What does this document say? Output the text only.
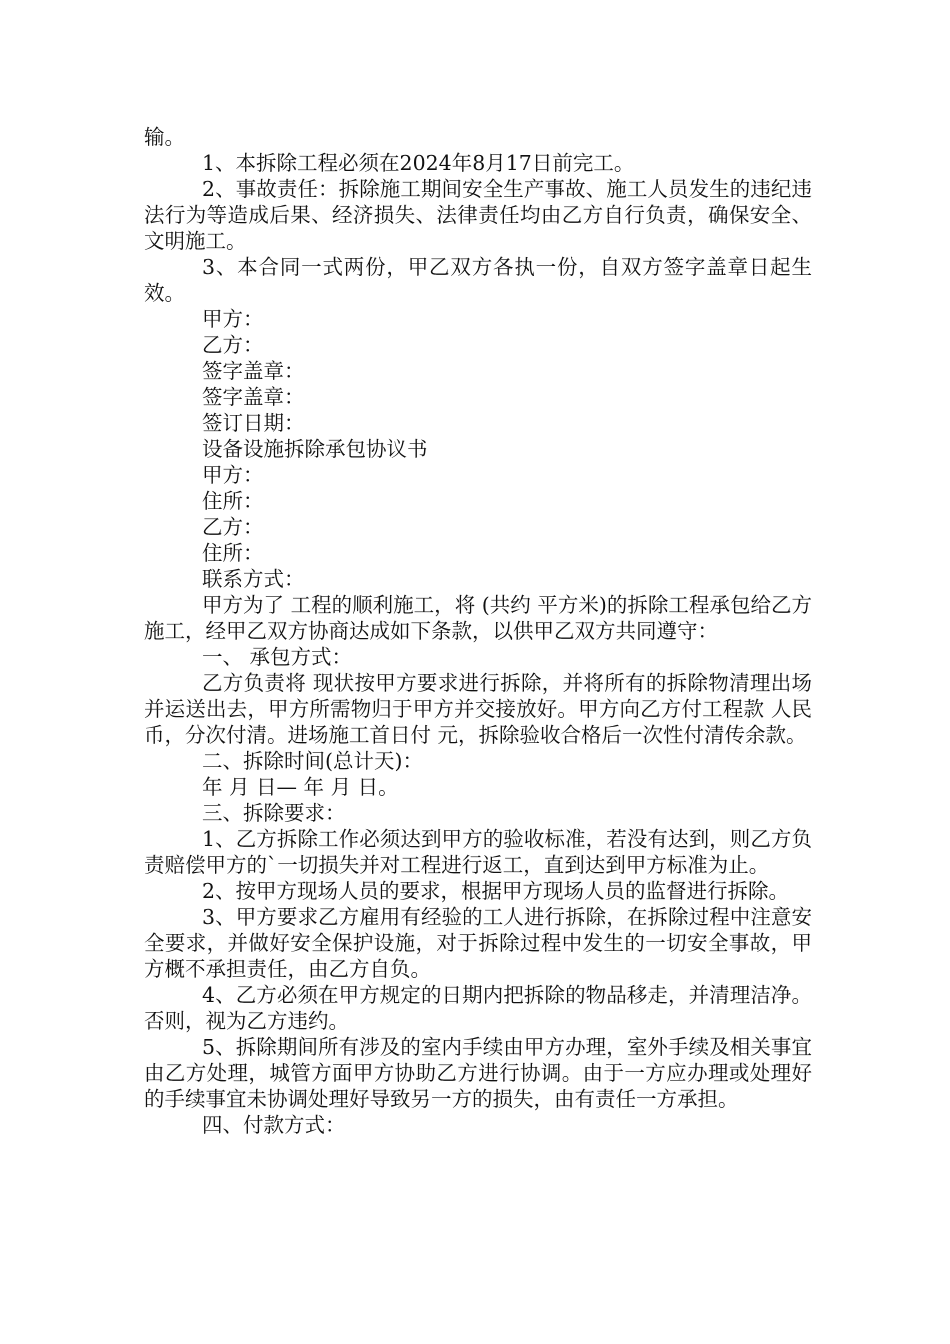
输。

1、本拆除工程必须在2024年8月17日前完工。

2、事故责任：拆除施工期间安全生产事故、施工人员发生的违纪违法行为等造成后果、经济损失、法律责任均由乙方自行负责，确保安全、文明施工。

3、本合同一式两份，甲乙双方各执一份，自双方签字盖章日起生效。

甲方：

乙方：

签字盖章：

签字盖章：

签订日期：

设备设施拆除承包协议书

甲方：

住所：

乙方：

住所：

联系方式：

甲方为了 工程的顺利施工，将 (共约 平方米)的拆除工程承包给乙方施工，经甲乙双方协商达成如下条款，以供甲乙双方共同遵守：

一、 承包方式：

乙方负责将 现状按甲方要求进行拆除，并将所有的拆除物清理出场并运送出去，甲方所需物归于甲方并交接放好。甲方向乙方付工程款 人民币，分次付清。进场施工首日付 元，拆除验收合格后一次性付清传余款。

二、拆除时间(总计天)：

年 月 日— 年 月 日。

三、拆除要求：

1、乙方拆除工作必须达到甲方的验收标准，若没有达到，则乙方负责赔偿甲方的`一切损失并对工程进行返工，直到达到甲方标准为止。

2、按甲方现场人员的要求，根据甲方现场人员的监督进行拆除。

3、甲方要求乙方雇用有经验的工人进行拆除，在拆除过程中注意安全要求，并做好安全保护设施，对于拆除过程中发生的一切安全事故，甲方概不承担责任，由乙方自负。

4、乙方必须在甲方规定的日期内把拆除的物品移走，并清理洁净。否则，视为乙方违约。

5、拆除期间所有涉及的室内手续由甲方办理，室外手续及相关事宜由乙方处理，城管方面甲方协助乙方进行协调。由于一方应办理或处理好的手续事宜未协调处理好导致另一方的损失，由有责任一方承担。

四、付款方式：
